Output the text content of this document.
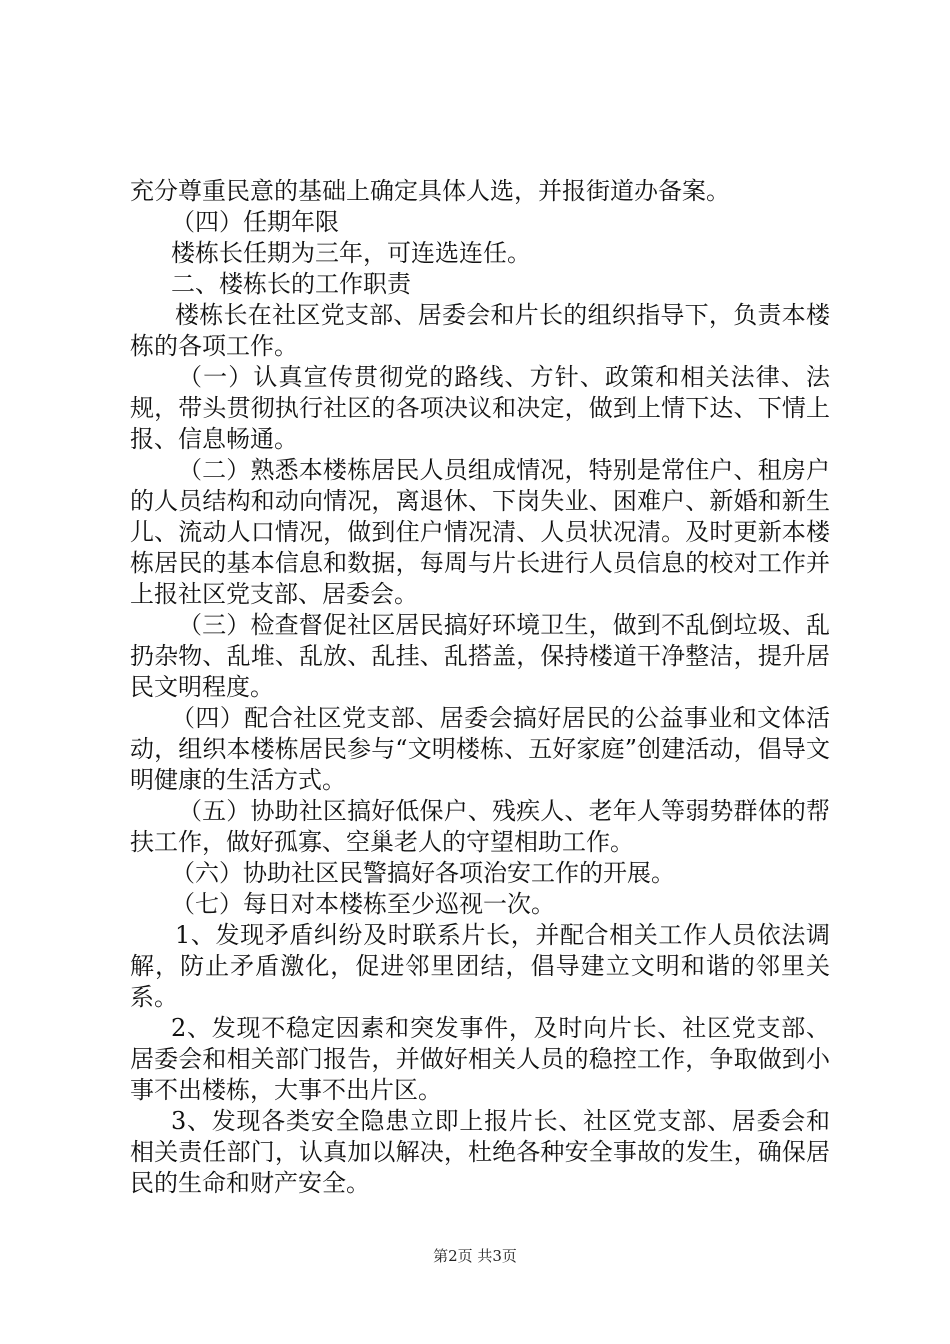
充分尊重民意的基础上确定具体人选，并报街道办备案。

（四）任期年限

楼栋长任期为三年，可连选连任。

二、楼栋长的工作职责

楼栋长在社区党支部、居委会和片长的组织指导下，负责本楼栋的各项工作。

（一）认真宣传贯彻党的路线、方针、政策和相关法律、法规，带头贯彻执行社区的各项决议和决定，做到上情下达、下情上报、信息畅通。

（二）熟悉本楼栋居民人员组成情况，特别是常住户、租房户的人员结构和动向情况，离退休、下岗失业、困难户、新婚和新生儿、流动人口情况，做到住户情况清、人员状况清。及时更新本楼栋居民的基本信息和数据，每周与片长进行人员信息的校对工作并上报社区党支部、居委会。

（三）检查督促社区居民搞好环境卫生，做到不乱倒垃圾、乱扔杂物、乱堆、乱放、乱挂、乱搭盖，保持楼道干净整洁，提升居民文明程度。

（四）配合社区党支部、居委会搞好居民的公益事业和文体活动，组织本楼栋居民参与“文明楼栋、五好家庭”创建活动，倡导文明健康的生活方式。

（五）协助社区搞好低保户、残疾人、老年人等弱势群体的帮扶工作，做好孤寡、空巢老人的守望相助工作。

（六）协助社区民警搞好各项治安工作的开展。

（七）每日对本楼栋至少巡视一次。

1、发现矛盾纠纷及时联系片长，并配合相关工作人员依法调解，防止矛盾激化，促进邻里团结，倡导建立文明和谐的邻里关系。

2、发现不稳定因素和突发事件，及时向片长、社区党支部、居委会和相关部门报告，并做好相关人员的稳控工作，争取做到小事不出楼栋，大事不出片区。

3、发现各类安全隐患立即上报片长、社区党支部、居委会和相关责任部门，认真加以解决，杜绝各种安全事故的发生，确保居民的生命和财产安全。

第2页 共3页
